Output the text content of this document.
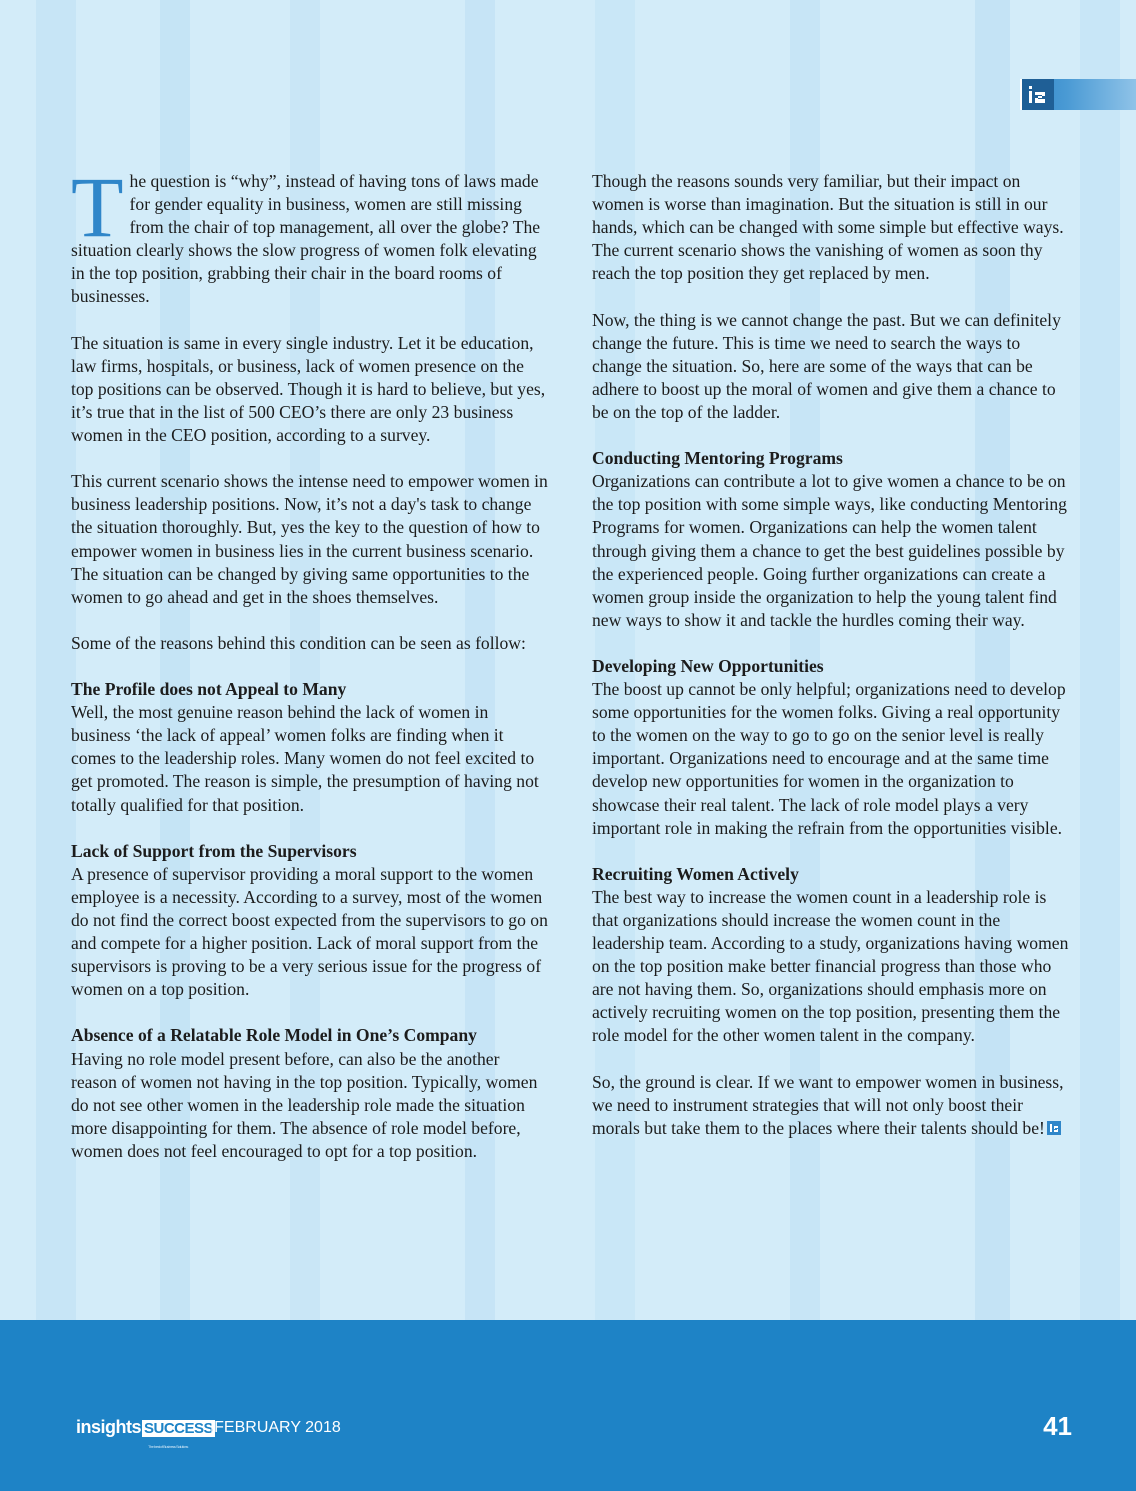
The question is “why”, instead of having tons of laws made for gender equality in business, women are still missing from the chair of top management, all over the globe? The situation clearly shows the slow progress of women folk elevating in the top position, grabbing their chair in the board rooms of businesses.

The situation is same in every single industry. Let it be education, law firms, hospitals, or business, lack of women presence on the top positions can be observed. Though it is hard to believe, but yes, it’s true that in the list of 500 CEO’s there are only 23 business women in the CEO position, according to a survey.

This current scenario shows the intense need to empower women in business leadership positions. Now, it’s not a day's task to change the situation thoroughly. But, yes the key to the question of how to empower women in business lies in the current business scenario. The situation can be changed by giving same opportunities to the women to go ahead and get in the shoes themselves.

Some of the reasons behind this condition can be seen as follow:

The Profile does not Appeal to Many

Well, the most genuine reason behind the lack of women in business ‘the lack of appeal’ women folks are finding when it comes to the leadership roles. Many women do not feel excited to get promoted. The reason is simple, the presumption of having not totally qualified for that position.

Lack of Support from the Supervisors

A presence of supervisor providing a moral support to the women employee is a necessity. According to a survey, most of the women do not find the correct boost expected from the supervisors to go on and compete for a higher position. Lack of moral support from the supervisors is proving to be a very serious issue for the progress of women on a top position.

Absence of a Relatable Role Model in One’s Company

Having no role model present before, can also be the another reason of women not having in the top position. Typically, women do not see other women in the leadership role made the situation more disappointing for them. The absence of role model before, women does not feel encouraged to opt for a top position.

Though the reasons sounds very familiar, but their impact on women is worse than imagination. But the situation is still in our hands, which can be changed with some simple but effective ways. The current scenario shows the vanishing of women as soon thy reach the top position they get replaced by men.

Now, the thing is we cannot change the past. But we can definitely change the future. This is time we need to search the ways to change the situation. So, here are some of the ways that can be adhere to boost up the moral of women and give them a chance to be on the top of the ladder.

Conducting Mentoring Programs

Organizations can contribute a lot to give women a chance to be on the top position with some simple ways, like conducting Mentoring Programs for women. Organizations can help the women talent through giving them a chance to get the best guidelines possible by the experienced people. Going further organizations can create a women group inside the organization to help the young talent find new ways to show it and tackle the hurdles coming their way.

Developing New Opportunities

The boost up cannot be only helpful; organizations need to develop some opportunities for the women folks. Giving a real opportunity to the women on the way to go to go on the senior level is really important. Organizations need to encourage and at the same time develop new opportunities for women in the organization to showcase their real talent. The lack of role model plays a very important role in making the refrain from the opportunities visible.

Recruiting Women Actively

The best way to increase the women count in a leadership role is that organizations should increase the women count in the leadership team. According to a study, organizations having women on the top position make better financial progress than those who are not having them. So, organizations should emphasis more on actively recruiting women on the top position, presenting them the role model for the other women talent in the company.

So, the ground is clear. If we want to empower women in business, we need to instrument strategies that will not only boost their morals but take them to the places where their talents should be!

insights SUCCESS
The best of Business Solutions
|FEBRUARY 2018	41
